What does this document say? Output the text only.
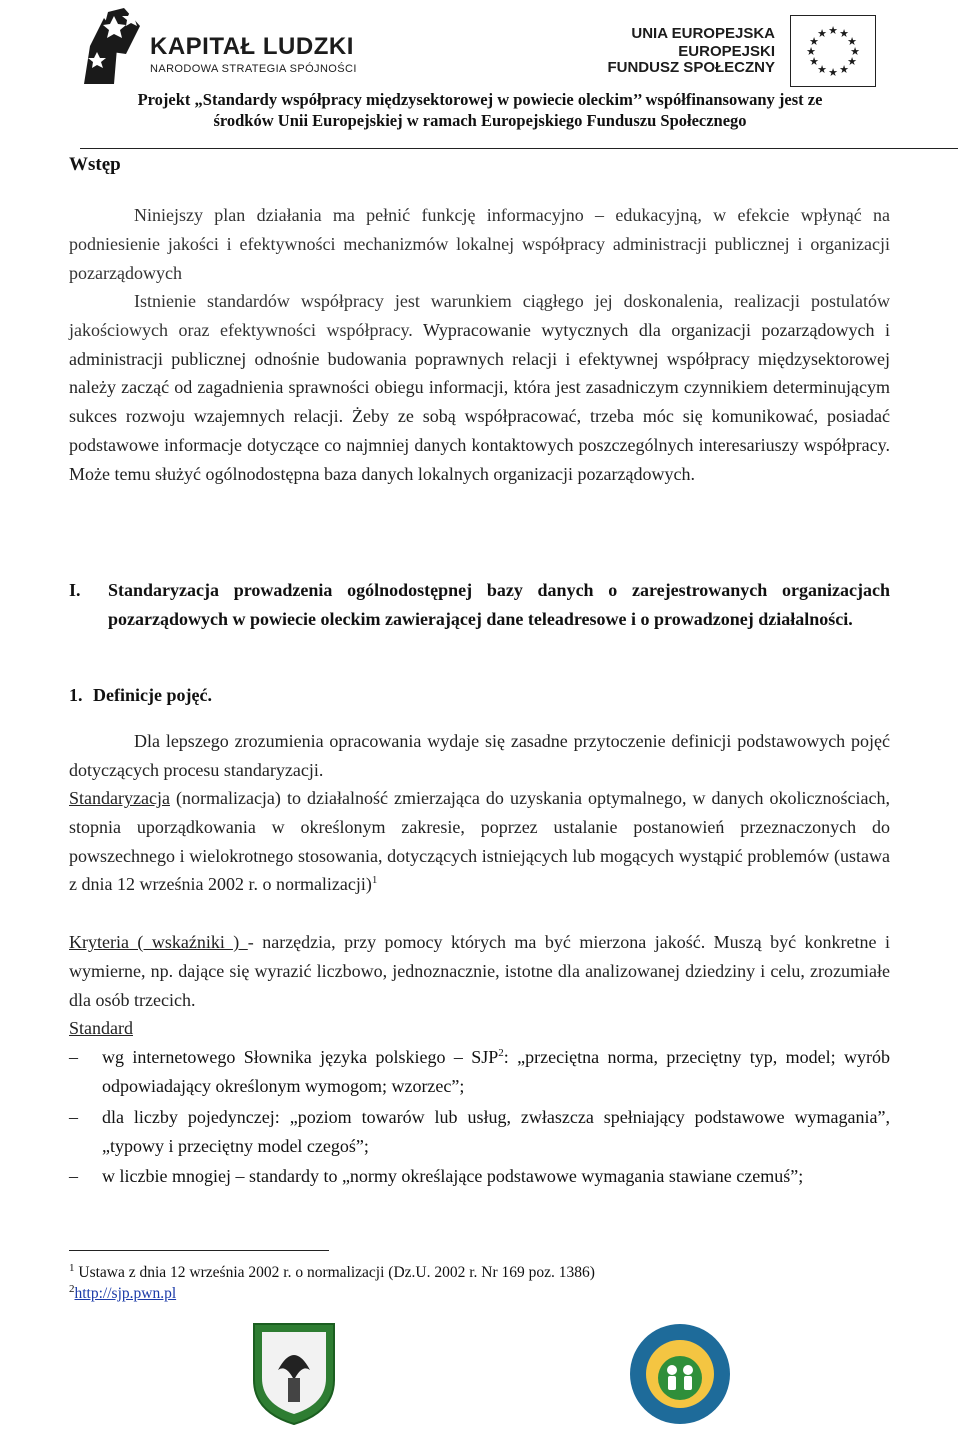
KAPITAŁ LUDZKI
NARODOWA STRATEGIA SPÓJNOŚCI
UNIA EUROPEJSKA
EUROPEJSKI
FUNDUSZ SPOŁECZNY
★ ★
★
★
★
★
★
★
★
★
★
★
Projekt „Standardy współpracy międzysektorowej w powiecie oleckim’’ współfinansowany jest ze
środków Unii Europejskiej w ramach Europejskiego Funduszu Społecznego
Wstęp
Niniejszy plan działania ma pełnić funkcję informacyjno – edukacyjną, w efekcie wpłynąć na podniesienie jakości i efektywności mechanizmów lokalnej współpracy administracji publicznej i organizacji pozarządowych
Istnienie standardów współpracy jest warunkiem ciągłego jej doskonalenia, realizacji postulatów jakościowych oraz efektywności współpracy. Wypracowanie wytycznych dla organizacji pozarządowych i administracji publicznej odnośnie budowania poprawnych relacji i efektywnej współpracy międzysektorowej należy zacząć od zagadnienia sprawności obiegu informacji, która jest zasadniczym czynnikiem determinującym sukces rozwoju wzajemnych relacji. Żeby ze sobą współpracować, trzeba móc się komunikować, posiadać podstawowe informacje dotyczące co najmniej danych kontaktowych poszczególnych interesariuszy współpracy. Może temu służyć ogólnodostępna baza danych lokalnych organizacji pozarządowych.
I. Standaryzacja prowadzenia ogólnodostępnej bazy danych o zarejestrowanych organizacjach pozarządowych w powiecie oleckim zawierającej dane teleadresowe i o prowadzonej działalności.
1. Definicje pojęć.
Dla lepszego zrozumienia opracowania wydaje się zasadne przytoczenie definicji podstawowych pojęć dotyczących procesu standaryzacji.
Standaryzacja (normalizacja) to działalność zmierzająca do uzyskania optymalnego, w danych okolicznościach, stopnia uporządkowania w określonym zakresie, poprzez ustalanie postanowień przeznaczonych do powszechnego i wielokrotnego stosowania, dotyczących istniejących lub mogących wystąpić problemów (ustawa z dnia 12 września 2002 r. o normalizacji)$^1$
Kryteria ( wskaźniki ) - narzędzia, przy pomocy których ma być mierzona jakość. Muszą być konkretne i wymierne, np. dające się wyrazić liczbowo, jednoznacznie, istotne dla analizowanej dziedziny i celu, zrozumiałe dla osób trzecich.
Standard
– wg internetowego Słownika języka polskiego – SJP$^2$: „przeciętna norma, przeciętny typ, model; wyrób odpowiadający określonym wymogom; wzorzec”;
– dla liczby pojedynczej: „poziom towarów lub usług, zwłaszcza spełniający podstawowe wymagania”, „typowy i przeciętny model czegoś”;
– w liczbie mnogiej – standardy to „normy określające podstawowe wymagania stawiane czemuś”;
$^1$ Ustawa z dnia 12 września 2002 r. o normalizacji (Dz.U. 2002 r. Nr 169 poz. 1386)
$^2$http://sjp.pwn.pl
